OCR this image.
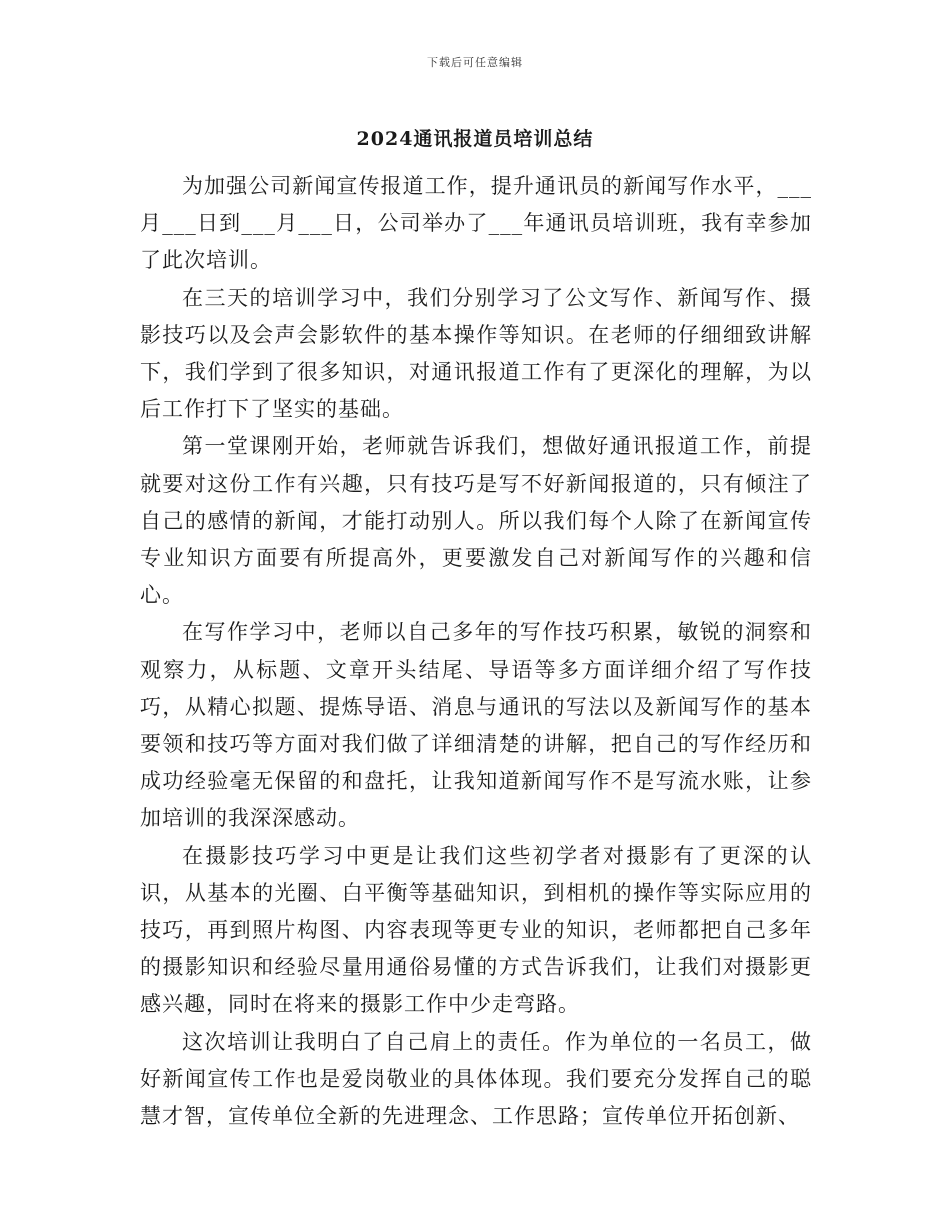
下载后可任意编辑
2024通讯报道员培训总结

为加强公司新闻宣传报道工作，提升通讯员的新闻写作水平，___月___日到___月___日，公司举办了___年通讯员培训班，我有幸参加了此次培训。

在三天的培训学习中，我们分别学习了公文写作、新闻写作、摄影技巧以及会声会影软件的基本操作等知识。在老师的仔细细致讲解下，我们学到了很多知识，对通讯报道工作有了更深化的理解，为以后工作打下了坚实的基础。

第一堂课刚开始，老师就告诉我们，想做好通讯报道工作，前提就要对这份工作有兴趣，只有技巧是写不好新闻报道的，只有倾注了自己的感情的新闻，才能打动别人。所以我们每个人除了在新闻宣传专业知识方面要有所提高外，更要激发自己对新闻写作的兴趣和信心。

在写作学习中，老师以自己多年的写作技巧积累，敏锐的洞察和观察力，从标题、文章开头结尾、导语等多方面详细介绍了写作技巧，从精心拟题、提炼导语、消息与通讯的写法以及新闻写作的基本要领和技巧等方面对我们做了详细清楚的讲解，把自己的写作经历和成功经验毫无保留的和盘托，让我知道新闻写作不是写流水账，让参加培训的我深深感动。

在摄影技巧学习中更是让我们这些初学者对摄影有了更深的认识，从基本的光圈、白平衡等基础知识，到相机的操作等实际应用的技巧，再到照片构图、内容表现等更专业的知识，老师都把自己多年的摄影知识和经验尽量用通俗易懂的方式告诉我们，让我们对摄影更感兴趣，同时在将来的摄影工作中少走弯路。

这次培训让我明白了自己肩上的责任。作为单位的一名员工，做好新闻宣传工作也是爱岗敬业的具体体现。我们要充分发挥自己的聪慧才智，宣传单位全新的先进理念、工作思路；宣传单位开拓创新、
